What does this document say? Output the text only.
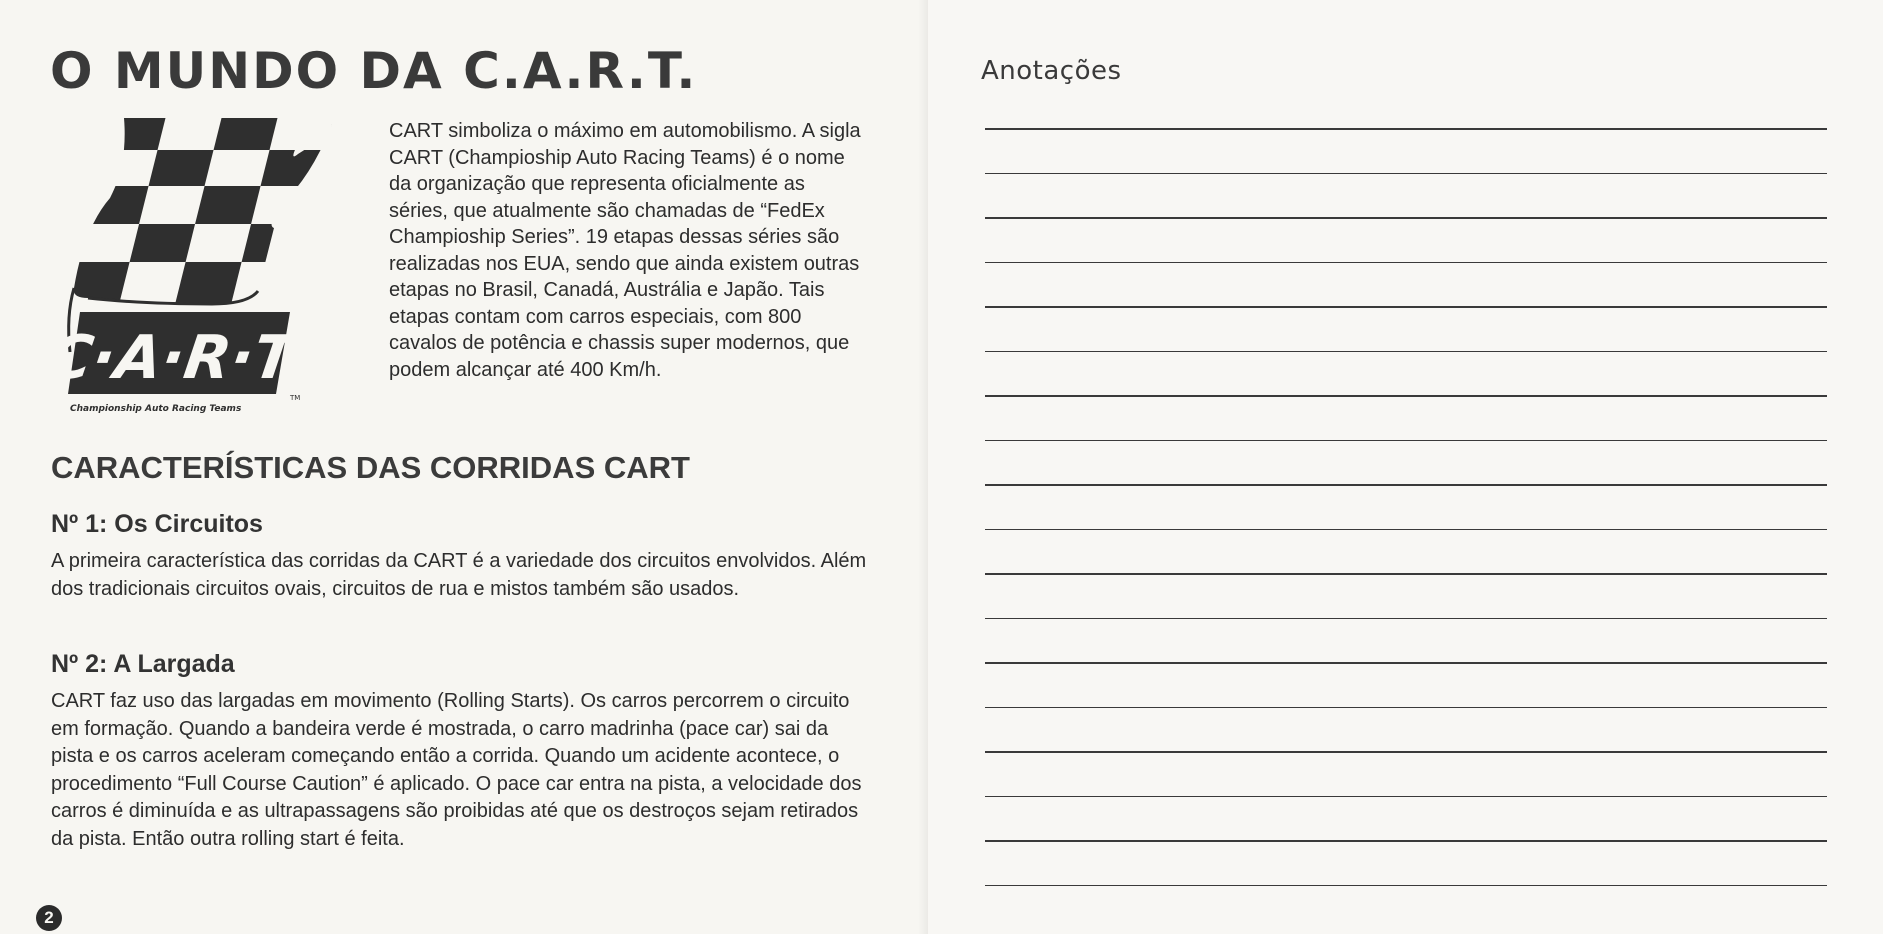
O MUNDO DA C.A.R.T.
C·A·R·T
Championship Auto Racing Teams
TM

CART simboliza o máximo em automobilismo. A sigla CART (Champioship Auto Racing Teams) é o nome da organização que representa oficialmente as séries, que atualmente são chamadas de “FedEx Champioship Series”. 19 etapas dessas séries são realizadas nos EUA, sendo que ainda existem outras etapas no Brasil, Canadá, Austrália e Japão. Tais etapas contam com carros especiais, com 800 cavalos de potência e chassis super modernos, que podem alcançar até 400 Km/h.

CARACTERÍSTICAS DAS CORRIDAS CART
Nº 1: Os Circuitos

A primeira característica das corridas da CART é a variedade dos circuitos envolvidos. Além dos tradicionais circuitos ovais, circuitos de rua e mistos também são usados.

Nº 2: A Largada

CART faz uso das largadas em movimento (Rolling Starts). Os carros percorrem o circuito em formação. Quando a bandeira verde é mostrada, o carro madrinha (pace car) sai da pista e os carros aceleram começando então a corrida. Quando um acidente acontece, o procedimento “Full Course Caution” é aplicado. O pace car entra na pista, a velocidade dos carros é diminuída e as ultrapassagens são proibidas até que os destroços sejam retirados da pista. Então outra rolling start é feita.

2
Anotações
